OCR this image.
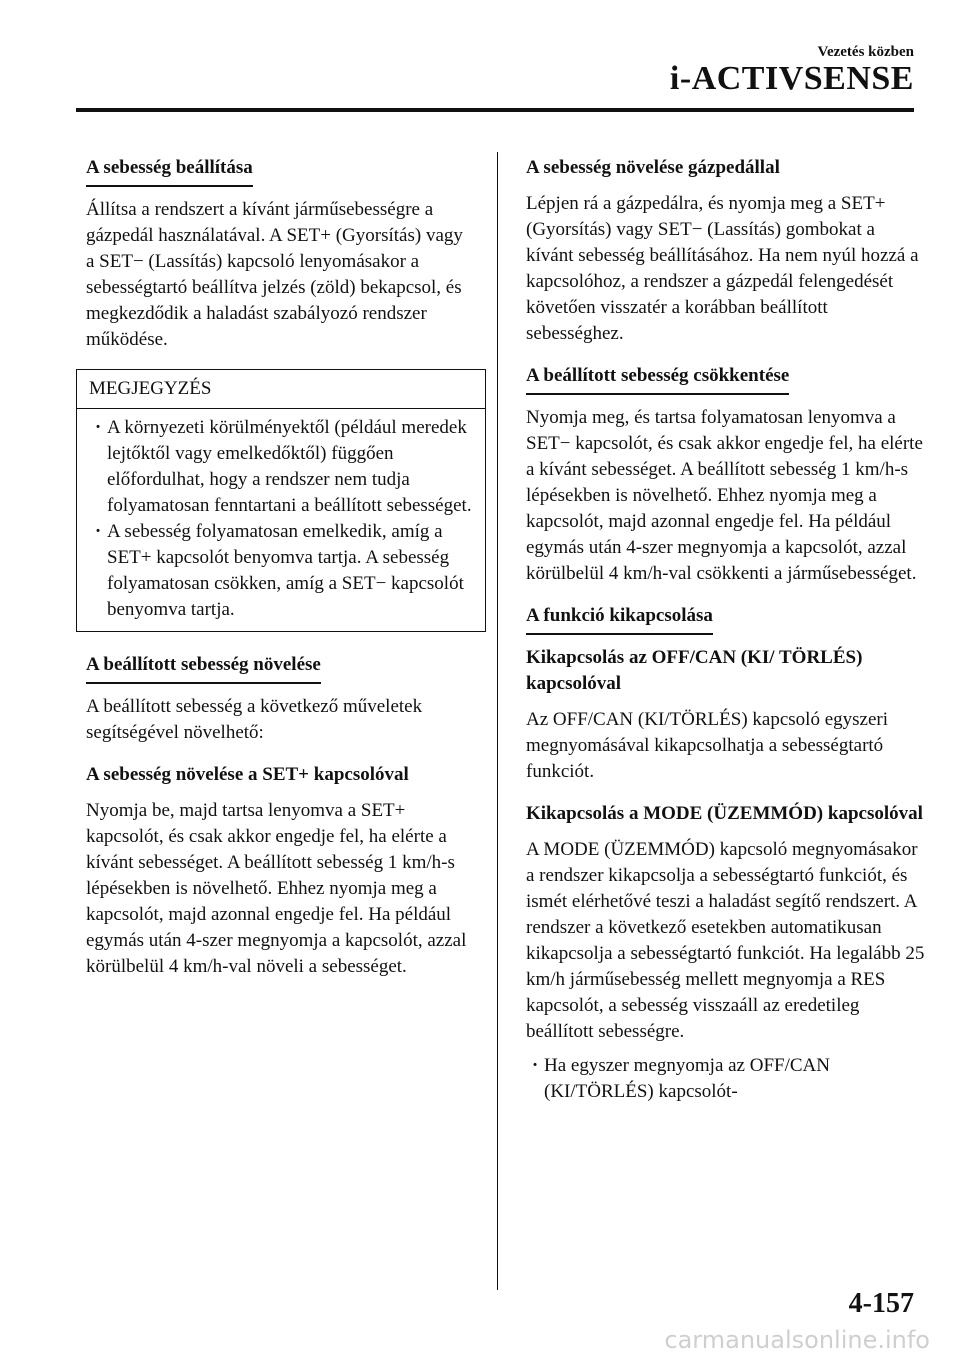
Vezetés közben
i-ACTIVSENSE
A sebesség beállítása

Állítsa a rendszert a kívánt járműsebességre a gázpedál használatával. A SET+ (Gyorsítás) vagy a SET− (Lassítás) kapcsoló lenyomásakor a sebességtartó beállítva jelzés (zöld) bekapcsol, és megkezdődik a haladást szabályozó rendszer működése.

MEGJEGYZÉS
· A környezeti körülményektől (például meredek lejtőktől vagy emelkedőktől) függően előfordulhat, hogy a rendszer nem tudja folyamatosan fenntartani a beállított sebességet.
· A sebesség folyamatosan emelkedik, amíg a SET+ kapcsolót benyomva tartja. A sebesség folyamatosan csökken, amíg a SET− kapcsolót benyomva tartja.
A beállított sebesség növelése

A beállított sebesség a következő műveletek segítségével növelhető:

A sebesség növelése a SET+ kapcsolóval

Nyomja be, majd tartsa lenyomva a SET+ kapcsolót, és csak akkor engedje fel, ha elérte a kívánt sebességet. A beállított sebesség 1 km/h-s lépésekben is növelhető. Ehhez nyomja meg a kapcsolót, majd azonnal engedje fel. Ha például egymás után 4-szer megnyomja a kapcsolót, azzal körülbelül 4 km/h-val növeli a sebességet.

A sebesség növelése gázpedállal

Lépjen rá a gázpedálra, és nyomja meg a SET+ (Gyorsítás) vagy SET− (Lassítás) gombokat a kívánt sebesség beállításához. Ha nem nyúl hozzá a kapcsolóhoz, a rendszer a gázpedál felengedését követően visszatér a korábban beállított sebességhez.

A beállított sebesség csökkentése

Nyomja meg, és tartsa folyamatosan lenyomva a SET− kapcsolót, és csak akkor engedje fel, ha elérte a kívánt sebességet. A beállított sebesség 1 km/h-s lépésekben is növelhető. Ehhez nyomja meg a kapcsolót, majd azonnal engedje fel. Ha például egymás után 4-szer megnyomja a kapcsolót, azzal körülbelül 4 km/h-val csökkenti a járműsebességet.

A funkció kikapcsolása
Kikapcsolás az OFF/CAN (KI/ TÖRLÉS) kapcsolóval

Az OFF/CAN (KI/TÖRLÉS) kapcsoló egyszeri megnyomásával kikapcsolhatja a sebességtartó funkciót.

Kikapcsolás a MODE (ÜZEMMÓD) kapcsolóval

A MODE (ÜZEMMÓD) kapcsoló megnyomásakor a rendszer kikapcsolja a sebességtartó funkciót, és ismét elérhetővé teszi a haladást segítő rendszert. A rendszer a következő esetekben automatikusan kikapcsolja a sebességtartó funkciót. Ha legalább 25 km/h járműsebesség mellett megnyomja a RES kapcsolót, a sebesség visszaáll az eredetileg beállított sebességre.

· Ha egyszer megnyomja az OFF/CAN (KI/TÖRLÉS) kapcsolót-
4-157
carmanualsonline.info
